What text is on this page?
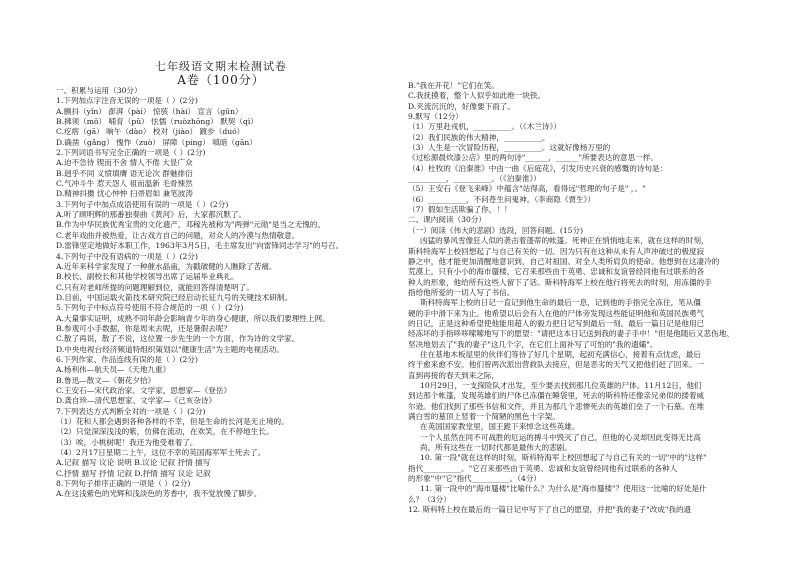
七年级语文期末检测试卷
A卷（100分）
一、积累与运用（30分）
1.下列加点字注音无误的一项是（ ）(2分)
A.颤抖（yǐn） 澎湃（pài） 惊骇（hài） 宣言（gūn）
B.拂须（mǒ） 哺育（pǔ） 怯懦（ruòzhōng） 默契（qì）
C.疙瘩（gā） 晌午（dào） 校对（jiào） 踱步（duó）
D.确凿（gǎng） 愧怍（zuò） 屏障（píng） 嗔暗（gān）
2.下列词语书写完全正确的一项是（ ）(2分)
A.迫不急待 锲而不舍 情人不倦 大显广众
B.迥乎不同 义愤填膺 语无论次 群魅排衍
C.气冲斗牛 惹天怨人 祖而温新 毛骨悚然
D.精神抖擞 忧心忡忡 扫帚眉如 兼笔波涛
3.下列句子中加点成语使用有误的一项是（ ）(2分)
A.听了顾明辉的那番独奏曲《黄河》后，大家都沉默了。
B.作为中华民族优秀宝贵的文化遗产，邓稼先被称为"两弹"元勋"是当之无愧的。
C.老年戏曲并被热爱，让古戏方自己的问题，对众人的冷漠与热情敬意。
D.雷锋坚定地做好本职工作，1963年3月5日，毛主席发出"向雷锋同志学习"的号召。
4.下列句子中没有语病的一项是（ ）(2分)
A.近年来科学家发现了一种催水晶蛊，为戳破健的人瞧除了苦痛。
B.校长、副校长和其他学校领导出席了运届毕业典礼。
C.只有对老师所提的问题理解到位，就能回答得清楚明了。
D.目前，中国运载火箭技术研究院已经启动长征九号的关键技术研制。
5.下列句子中标点符号使用不符合规范的一项（ ）(2分)
A.大量事实证明，成熟不同年龄会影响青少年的身心健康，所以我们要理性上网。
B.参观可小手数据，你是周末去呢，还是暑假去呢？
C.散了再说，散了不说，这位置一步先生的一个方面，作为诗的文学家。
D.中央电视台经济频道特组织策划以"健康生活"为主题的电视活动。
6.下列作家、作品连线有误的是（ ）(2分)
A.杨利伟—航天员—《天地九重》
B.鲁迅—散文—《朝花夕拾》
C.王安石—宋代政治家、文学家、思想家—《登岳》
D.龚自珍—清代思想家、文学家—《己亥杂诗》
7.下列表达方式判断全对的一项是（ ）(2分)
（1）花和人都会遇到各种各样的不幸，但是生命的长河是无止境的。
（2）只觉深深浅浅的紫，仿佛在流动，在欢笑，在不停地生长。
（3）唉，小桃树呢！我还为他受难着了。
（4）2月17日星期二上午，这位不幸的英国海军军士死去了。
A.记叙 描写 议论 说明 B.议论 记叙 抒情 描写
C.抒情 描写 抒情 记叙 D.抒情 描写 议论 记叙
8.下列句子排序正确的一项是（ ）(2分)
A.在这浅紫色的光辉和浅淡色的芳香中，我不觉放慢了脚步。
B."我在开花！"它们在笑。
C.我抚摸着，整个人似乎如此绝一块铁。
D.夹流沉沉的，好像要下雨了。
9.默写（12分）
（1）万里赴戎机，__________。（《木兰诗》）
（2）我们民族的伟大精神，__________。
（3）人生是一次冒险历程，__________。这就好像杨万里的
《过松源晨炊漆公店》里的两句诗"______，______"所要表达的意思一样。
（4）杜牧的《泊秦淮》中由一曲《后庭花》，引发历史兴衰的感慨的诗句是：
__________，__________。（《泊秦淮》）
（5）王安石《登飞来峰》中蕴含"站得高，看得远"哲理的句子是" ，。"
（6）__________，不问苍生问鬼神。（李商隐《贾生》）
（7）假如生活欺骗了你，！！
二、课内阅读（30分）
（一）阅读《伟大的悲剧》选段，回答问题。(15分)
凶猛的暴风雪像狂人似的袭击着蓬蒂的帐篷。死神正在悄悄地走来，就在这样的时刻，
斯科特海军上校回想起了与自己有关的一切。因为只有在这种从未有人声冲破过的极度寂
静之中，他才能更加清醒地意识到，自己对祖国、对全人类所肩负的使命。他想到在这凄冷的
荒漠上，只有小小的海市蜃楼，它召来那些由于英勇、忠诚和友谊曾经同他有过联系的各
种人的形象，他给所有这些人留下了话。斯科特海军上校在他行将死去的时刻，用冻僵的手
指给他所爱的一切人写了书信。
斯科特海军上校的日记一直记到他生命的最后一息，记到他的手指完全冻住，笔从僵
硬的手中滑下来为止。他希望以后会有人在他的尸体旁发现这些能证明他和英国民族勇气
的日记，正是这种希望使他能用超人的毅力把日记写到最后一刻。最后一篇日记是他用已
经冻坏的手指哆哆嗦嗦地写下的愿望："请把这本日记送到我的妻子手中！"但是他随后又悲伤地、
坚决地划去了"我的妻子"这几个字，在它们上面补写了可怕的"我的遗孀"。
住在基地木板屋里的伙伴们等待了好几个星期，起初充满信心，接着有点忧虑，最后
终于愈来愈不安。他们曾两次派出营救队去接应，但是恶劣的天气又把他们赶了回来。一
直到再接的春天到来之际，
10月29日，一支探险队才出发，至少要去找到那几位英雄的尸体。11月12日，他们
到达那个帐篷，发现英雄们的尸体已冻僵在睡袋里，死去的斯科特还像亲兄弟似的搂着威
尔逊。他们找到了那些书信和文件，并且为那几个悲惨死去的英雄们垒了一个石墓。在堆
满白雪的墓顶上竖着一个简陋的黑色十字架。
在英国国家教堂里，国王跪下来悼念这些英雄。
一个人虽然在同不可战胜的厄运的搏斗中毁灭了自己，但他的心灵却因此变得无比高
尚。所有这些在一切时代都是最伟大的悲剧。
10. 第一段"就在这样的时刻，斯科特海军上校回想起了与自己有关的一切"中的"这样"
指代__________。"它召来那些由于英勇、忠诚和友谊曾经同他有过联系的各种人
的形象"中"它"指代__________。（4分）
11. 第一段中的"海市蜃楼"比喻什么？为什么是"海市蜃楼"？使用这一比喻的好处是什
么？（3分）
12. 斯科特上校在最后的一篇日记中写下了自己的愿望，并把"我的妻子"改成"我的遗
